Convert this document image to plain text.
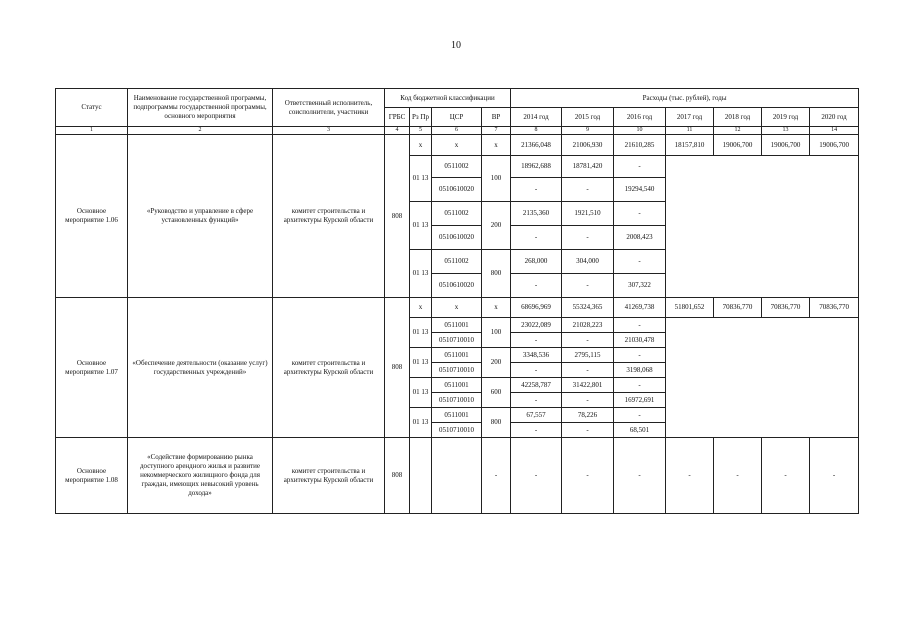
10
Статус	Наименование государственной программы, подпрограммы государственной программы, основного мероприятия	Ответственный исполнитель, соисполнители, участники	Код бюджетной классификации				Расходы (тыс. рублей), годы						
			ГРБС	Рз Пр	ЦСР	ВР	2014 год	2015 год	2016 год	2017 год	2018 год	2019 год	2020 год
1	2	3	4	5	6	7	8	9	10	11	12	13	14
Основное мероприятие 1.06	«Руководство и управление в сфере установленных функций»	комитет строительства и архитектуры Курской области	808	х	х	х	21366,048	21006,930	21610,285	18157,810	19006,700	19006,700	19006,700
				01 13	0511002	100	18962,688	18781,420	-				
					0510610020		-	-	19294,540				
				01 13	0511002	200	2135,360	1921,510	-				
					0510610020		-	-	2008,423				
				01 13	0511002	800	268,000	304,000	-				
					0510610020		-	-	307,322				
Основное мероприятие 1.07	«Обеспечение деятельности (оказание услуг) государственных учреждений»	комитет строительства и архитектуры Курской области	808	х	х	х	68696,969	55324,365	41269,738	51801,652	70836,770	70836,770	70836,770
				01 13	0511001	100	23022,089	21028,223	-				
					0510710010		-	-	21030,478				
				01 13	0511001	200	3348,536	2795,115	-				
					0510710010		-	-	3198,068				
				01 13	0511001	600	42258,787	31422,801	-				
					0510710010		-	-	16972,691				
				01 13	0511001	800	67,557	78,226	-				
					0510710010		-	-	68,501				
Основное мероприятие 1.08	«Содействие формированию рынка доступного арендного жилья и развитие некоммерческого жилищного фонда для граждан, имеющих невысокий уровень дохода»	комитет строительства и архитектуры Курской области	808			-	-	-	-	-	-	-	-
